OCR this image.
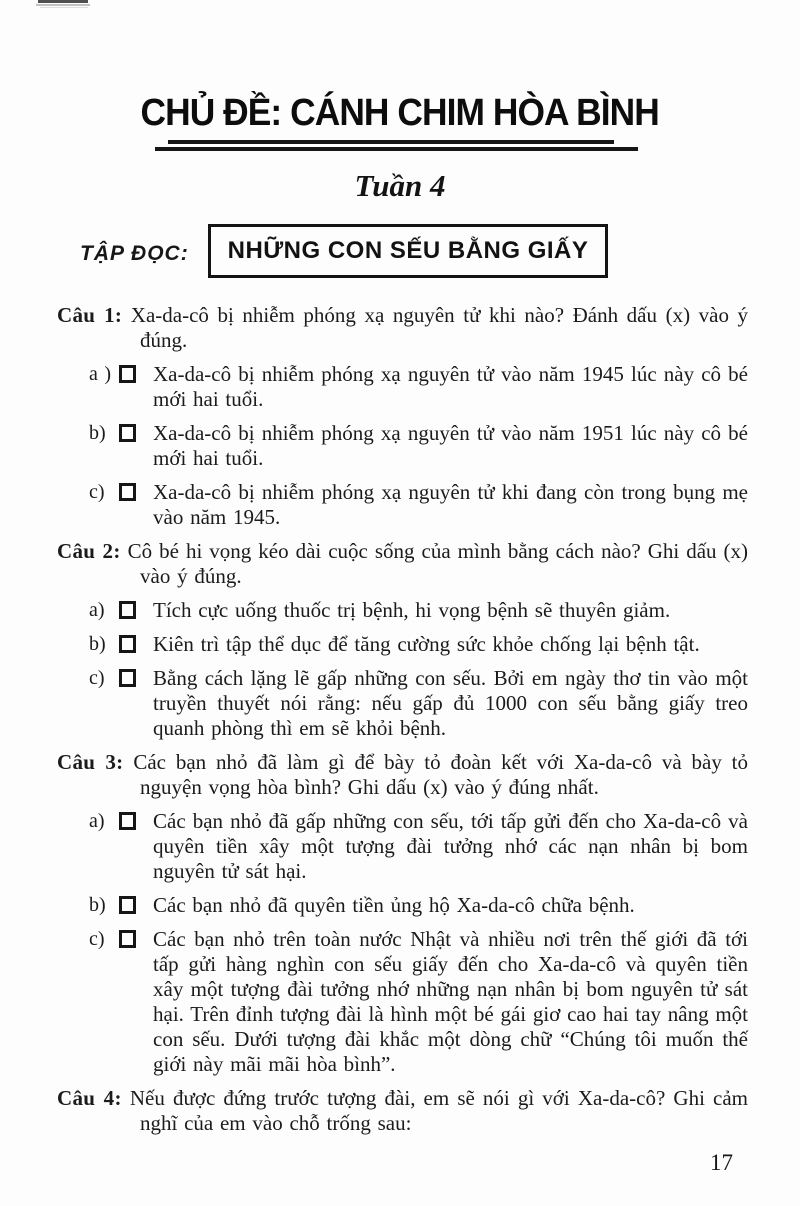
CHỦ ĐỀ: CÁNH CHIM HÒA BÌNH
Tuần 4
TẬP ĐỌC: NHỮNG CON SẾU BẰNG GIẤY

Câu 1: Xa-da-cô bị nhiễm phóng xạ nguyên tử khi nào? Đánh dấu (x) vào ý đúng.

a ) Xa-da-cô bị nhiễm phóng xạ nguyên tử vào năm 1945 lúc này cô bé mới hai tuổi.
b) Xa-da-cô bị nhiễm phóng xạ nguyên tử vào năm 1951 lúc này cô bé mới hai tuổi.
c) Xa-da-cô bị nhiễm phóng xạ nguyên tử khi đang còn trong bụng mẹ vào năm 1945.

Câu 2: Cô bé hi vọng kéo dài cuộc sống của mình bằng cách nào? Ghi dấu (x) vào ý đúng.

a) Tích cực uống thuốc trị bệnh, hi vọng bệnh sẽ thuyên giảm.
b) Kiên trì tập thể dục để tăng cường sức khỏe chống lại bệnh tật.
c) Bằng cách lặng lẽ gấp những con sếu. Bởi em ngày thơ tin vào một truyền thuyết nói rằng: nếu gấp đủ 1000 con sếu bằng giấy treo quanh phòng thì em sẽ khỏi bệnh.

Câu 3: Các bạn nhỏ đã làm gì để bày tỏ đoàn kết với Xa-da-cô và bày tỏ nguyện vọng hòa bình? Ghi dấu (x) vào ý đúng nhất.

a) Các bạn nhỏ đã gấp những con sếu, tới tấp gửi đến cho Xa-da-cô và quyên tiền xây một tượng đài tưởng nhớ các nạn nhân bị bom nguyên tử sát hại.
b) Các bạn nhỏ đã quyên tiền ủng hộ Xa-da-cô chữa bệnh.
c) Các bạn nhỏ trên toàn nước Nhật và nhiều nơi trên thế giới đã tới tấp gửi hàng nghìn con sếu giấy đến cho Xa-da-cô và quyên tiền xây một tượng đài tưởng nhớ những nạn nhân bị bom nguyên tử sát hại. Trên đỉnh tượng đài là hình một bé gái giơ cao hai tay nâng một con sếu. Dưới tượng đài khắc một dòng chữ “Chúng tôi muốn thế giới này mãi mãi hòa bình”.

Câu 4: Nếu được đứng trước tượng đài, em sẽ nói gì với Xa-da-cô? Ghi cảm nghĩ của em vào chỗ trống sau:

17
